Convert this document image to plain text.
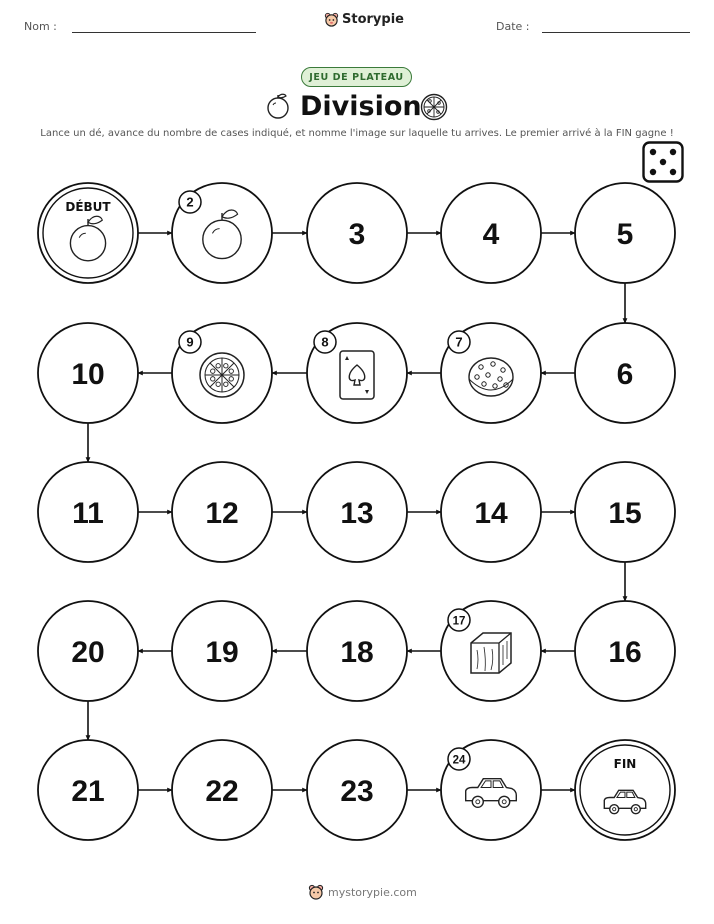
Nom :	Storypie	Date :
JEU DE PLATEAU
Division
Lance un dé, avance du nombre de cases indiqué, et nomme l'image sur laquelle tu arrives. Le premier arrivé à la FIN gagne !
DÉBUT	2
3	4	5
6
7
8
9
10
11	12	13	14	15
16
17
18
19
20
21	22	23
24	FIN
mystorypie.com
